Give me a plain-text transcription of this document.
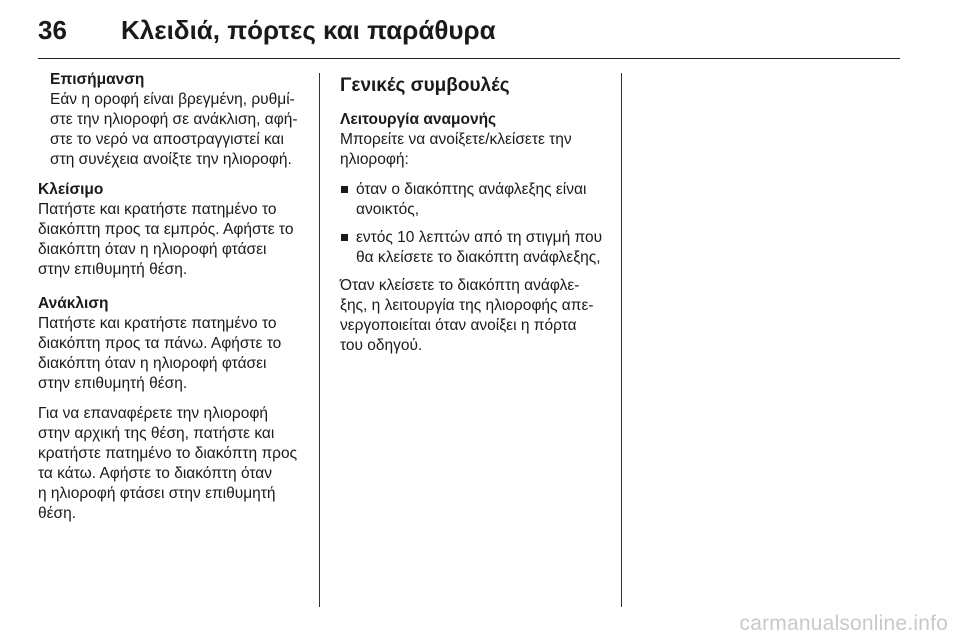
36	Κλειδιά, πόρτες και παράθυρα
Επισήμανση
Εάν η οροφή είναι βρεγμένη, ρυθμί-
στε την ηλιοροφή σε ανάκλιση, αφή-
στε το νερό να αποστραγγιστεί και
στη συνέχεια ανοίξτε την ηλιοροφή.
Κλείσιμο
Πατήστε και κρατήστε πατημένο το
διακόπτη προς τα εμπρός. Αφήστε το
διακόπτη όταν η ηλιοροφή φτάσει
στην επιθυμητή θέση.
Ανάκλιση
Πατήστε και κρατήστε πατημένο το
διακόπτη προς τα πάνω. Αφήστε το
διακόπτη όταν η ηλιοροφή φτάσει
στην επιθυμητή θέση.
Για να επαναφέρετε την ηλιοροφή
στην αρχική της θέση, πατήστε και
κρατήστε πατημένο το διακόπτη προς
τα κάτω. Αφήστε το διακόπτη όταν
η ηλιοροφή φτάσει στην επιθυμητή
θέση.
Γενικές συμβουλές
Λειτουργία αναμονής
Μπορείτε να ανοίξετε/κλείσετε την
ηλιοροφή:
όταν ο διακόπτης ανάφλεξης είναι
ανοικτός,
εντός 10 λεπτών από τη στιγμή που
θα κλείσετε το διακόπτη ανάφλεξης,
Όταν κλείσετε το διακόπτη ανάφλε-
ξης, η λειτουργία της ηλιοροφής απε-
νεργοποιείται όταν ανοίξει η πόρτα
του οδηγού.
carmanualsonline.info
